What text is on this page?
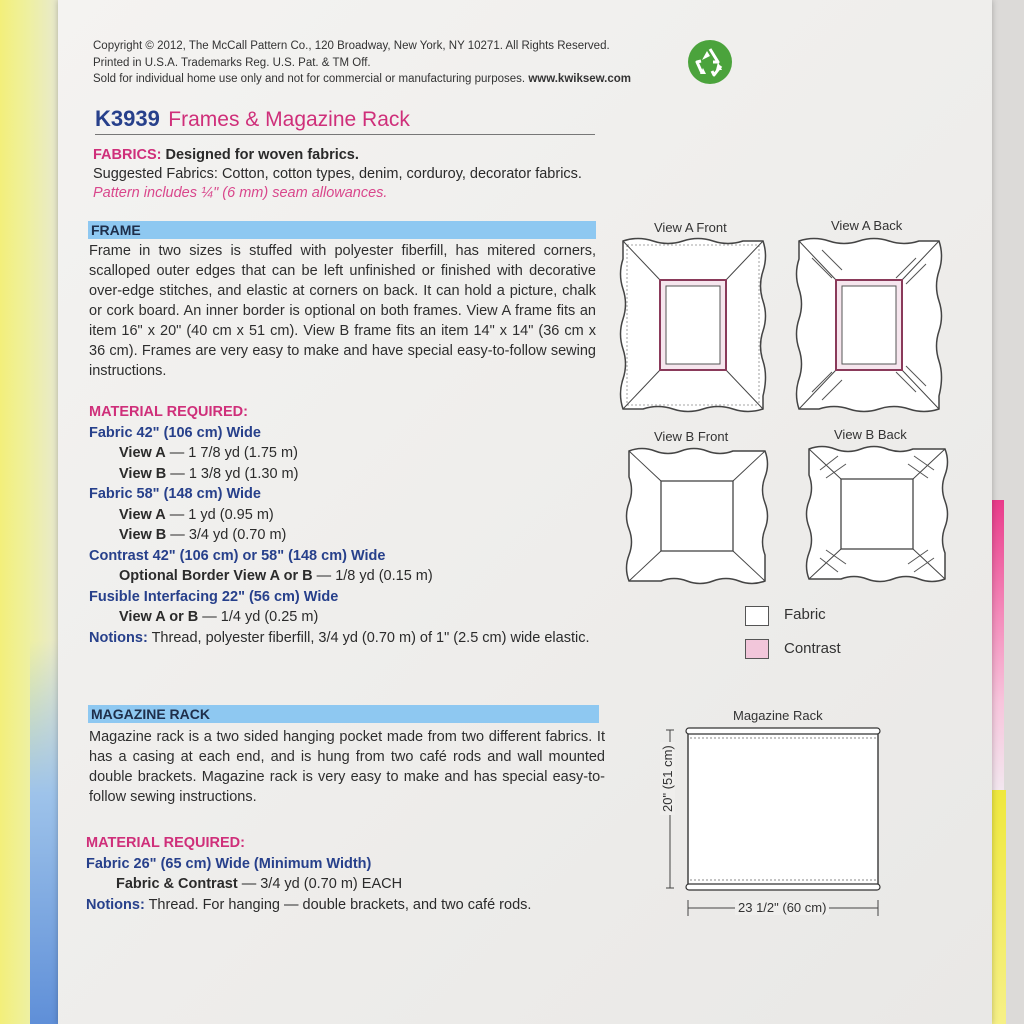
Copyright © 2012, The McCall Pattern Co., 120 Broadway, New York, NY 10271. All Rights Reserved.
Printed in U.S.A. Trademarks Reg. U.S. Pat. & TM Off.
Sold for individual home use only and not for commercial or manufacturing purposes. www.kwiksew.com
K3939 Frames & Magazine Rack
FABRICS: Designed for woven fabrics.
Suggested Fabrics: Cotton, cotton types, denim, corduroy, decorator fabrics.
Pattern includes ¼" (6 mm) seam allowances.
FRAME
Frame in two sizes is stuffed with polyester fiberfill, has mitered corners, scalloped outer edges that can be left unfinished or finished with decorative over-edge stitches, and elastic at corners on back. It can hold a picture, chalk or cork board. An inner border is optional on both frames. View A frame fits an item 16" x 20" (40 cm x 51 cm). View B frame fits an item 14" x 14" (36 cm x 36 cm). Frames are very easy to make and have special easy-to-follow sewing instructions.
MATERIAL REQUIRED:
Fabric 42" (106 cm) Wide
View A — 1 7/8 yd (1.75 m)
View B — 1 3/8 yd (1.30 m)
Fabric 58" (148 cm) Wide
View A — 1 yd (0.95 m)
View B — 3/4 yd (0.70 m)
Contrast 42" (106 cm) or 58" (148 cm) Wide
Optional Border View A or B — 1/8 yd (0.15 m)
Fusible Interfacing 22" (56 cm) Wide
View A or B — 1/4 yd (0.25 m)
Notions: Thread, polyester fiberfill, 3/4 yd (0.70 m) of 1" (2.5 cm) wide elastic.
View A Front	View A Back
View B Front	View B Back
Fabric
Contrast
MAGAZINE RACK
Magazine rack is a two sided hanging pocket made from two different fabrics. It has a casing at each end, and is hung from two café rods and wall mounted double brackets. Magazine rack is very easy to make and has special easy-to-follow sewing instructions.
MATERIAL REQUIRED:
Fabric 26" (65 cm) Wide (Minimum Width)
Fabric & Contrast — 3/4 yd (0.70 m) EACH
Notions: Thread. For hanging — double brackets, and two café rods.
Magazine Rack
20" (51 cm)
23 1/2" (60 cm)
